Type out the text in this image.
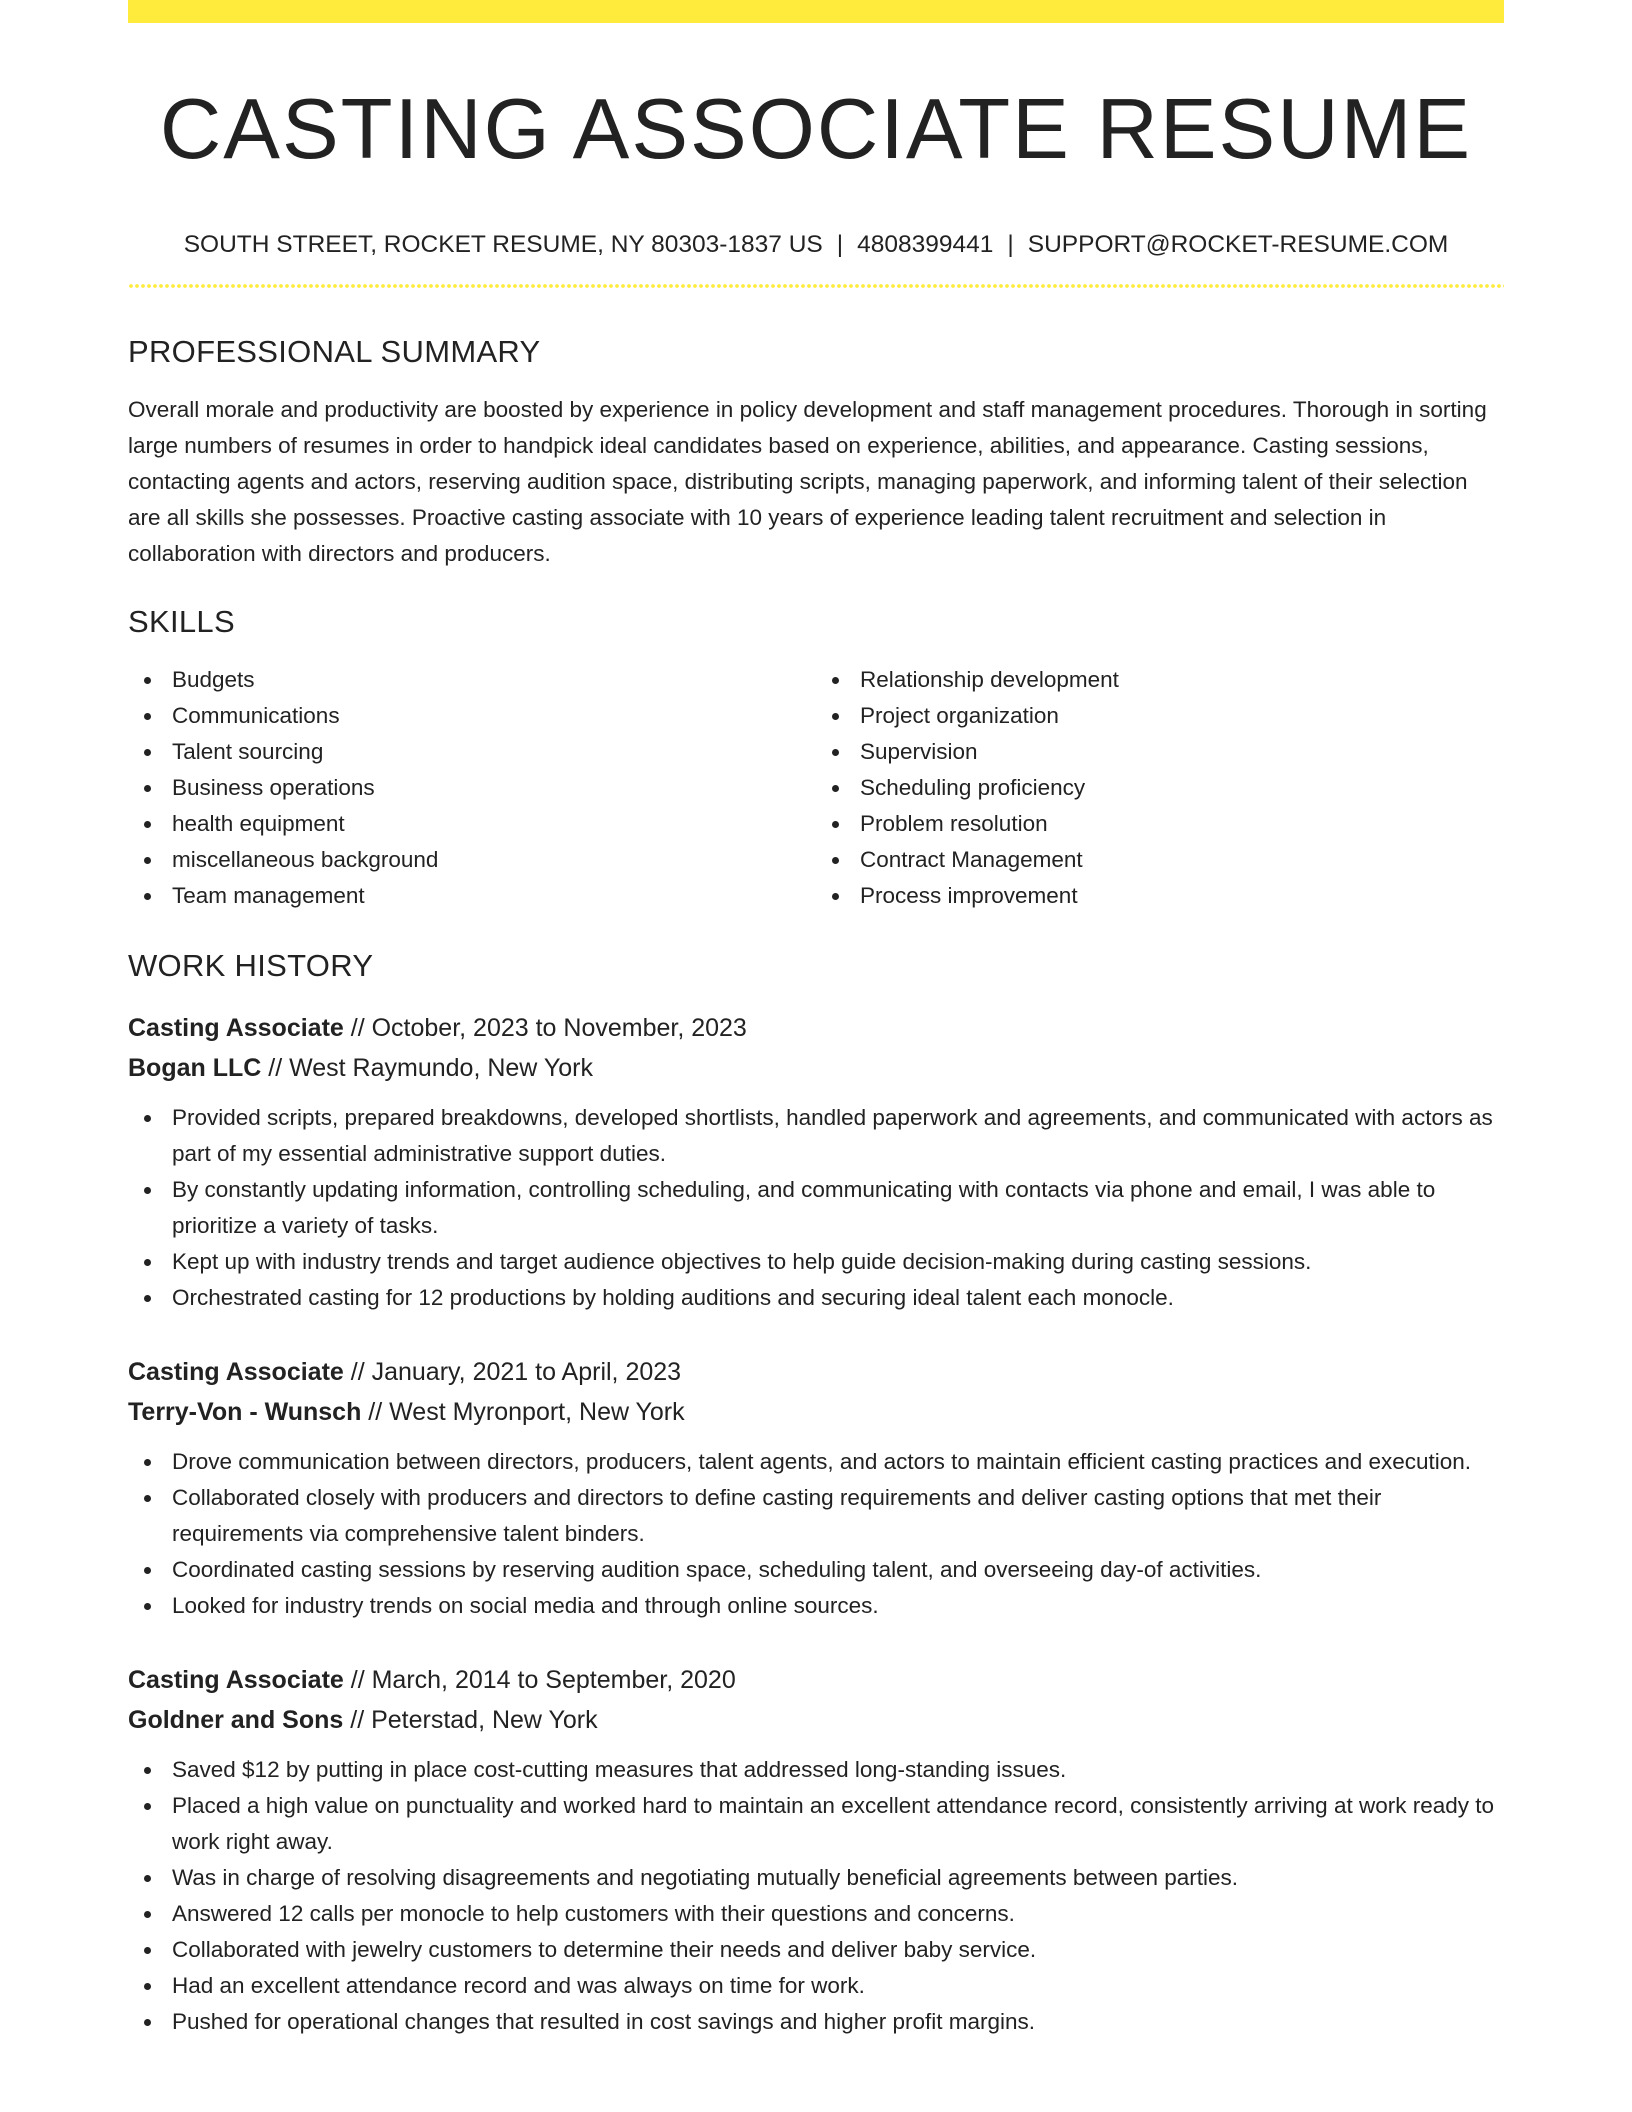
CASTING ASSOCIATE RESUME
SOUTH STREET, ROCKET RESUME, NY 80303-1837 US | 4808399441 | SUPPORT@ROCKET-RESUME.COM
PROFESSIONAL SUMMARY

Overall morale and productivity are boosted by experience in policy development and staff management procedures. Thorough in sorting large numbers of resumes in order to handpick ideal candidates based on experience, abilities, and appearance. Casting sessions, contacting agents and actors, reserving audition space, distributing scripts, managing paperwork, and informing talent of their selection are all skills she possesses. Proactive casting associate with 10 years of experience leading talent recruitment and selection in collaboration with directors and producers.

SKILLS
Budgets
Communications
Talent sourcing
Business operations
health equipment
miscellaneous background
Team management
Relationship development
Project organization
Supervision
Scheduling proficiency
Problem resolution
Contract Management
Process improvement
WORK HISTORY
Casting Associate // October, 2023 to November, 2023
Bogan LLC // West Raymundo, New York
Provided scripts, prepared breakdowns, developed shortlists, handled paperwork and agreements, and communicated with actors as part of my essential administrative support duties.
By constantly updating information, controlling scheduling, and communicating with contacts via phone and email, I was able to prioritize a variety of tasks.
Kept up with industry trends and target audience objectives to help guide decision-making during casting sessions.
Orchestrated casting for 12 productions by holding auditions and securing ideal talent each monocle.
Casting Associate // January, 2021 to April, 2023
Terry-Von - Wunsch // West Myronport, New York
Drove communication between directors, producers, talent agents, and actors to maintain efficient casting practices and execution.
Collaborated closely with producers and directors to define casting requirements and deliver casting options that met their requirements via comprehensive talent binders.
Coordinated casting sessions by reserving audition space, scheduling talent, and overseeing day-of activities.
Looked for industry trends on social media and through online sources.
Casting Associate // March, 2014 to September, 2020
Goldner and Sons // Peterstad, New York
Saved $12 by putting in place cost-cutting measures that addressed long-standing issues.
Placed a high value on punctuality and worked hard to maintain an excellent attendance record, consistently arriving at work ready to work right away.
Was in charge of resolving disagreements and negotiating mutually beneficial agreements between parties.
Answered 12 calls per monocle to help customers with their questions and concerns.
Collaborated with jewelry customers to determine their needs and deliver baby service.
Had an excellent attendance record and was always on time for work.
Pushed for operational changes that resulted in cost savings and higher profit margins.
